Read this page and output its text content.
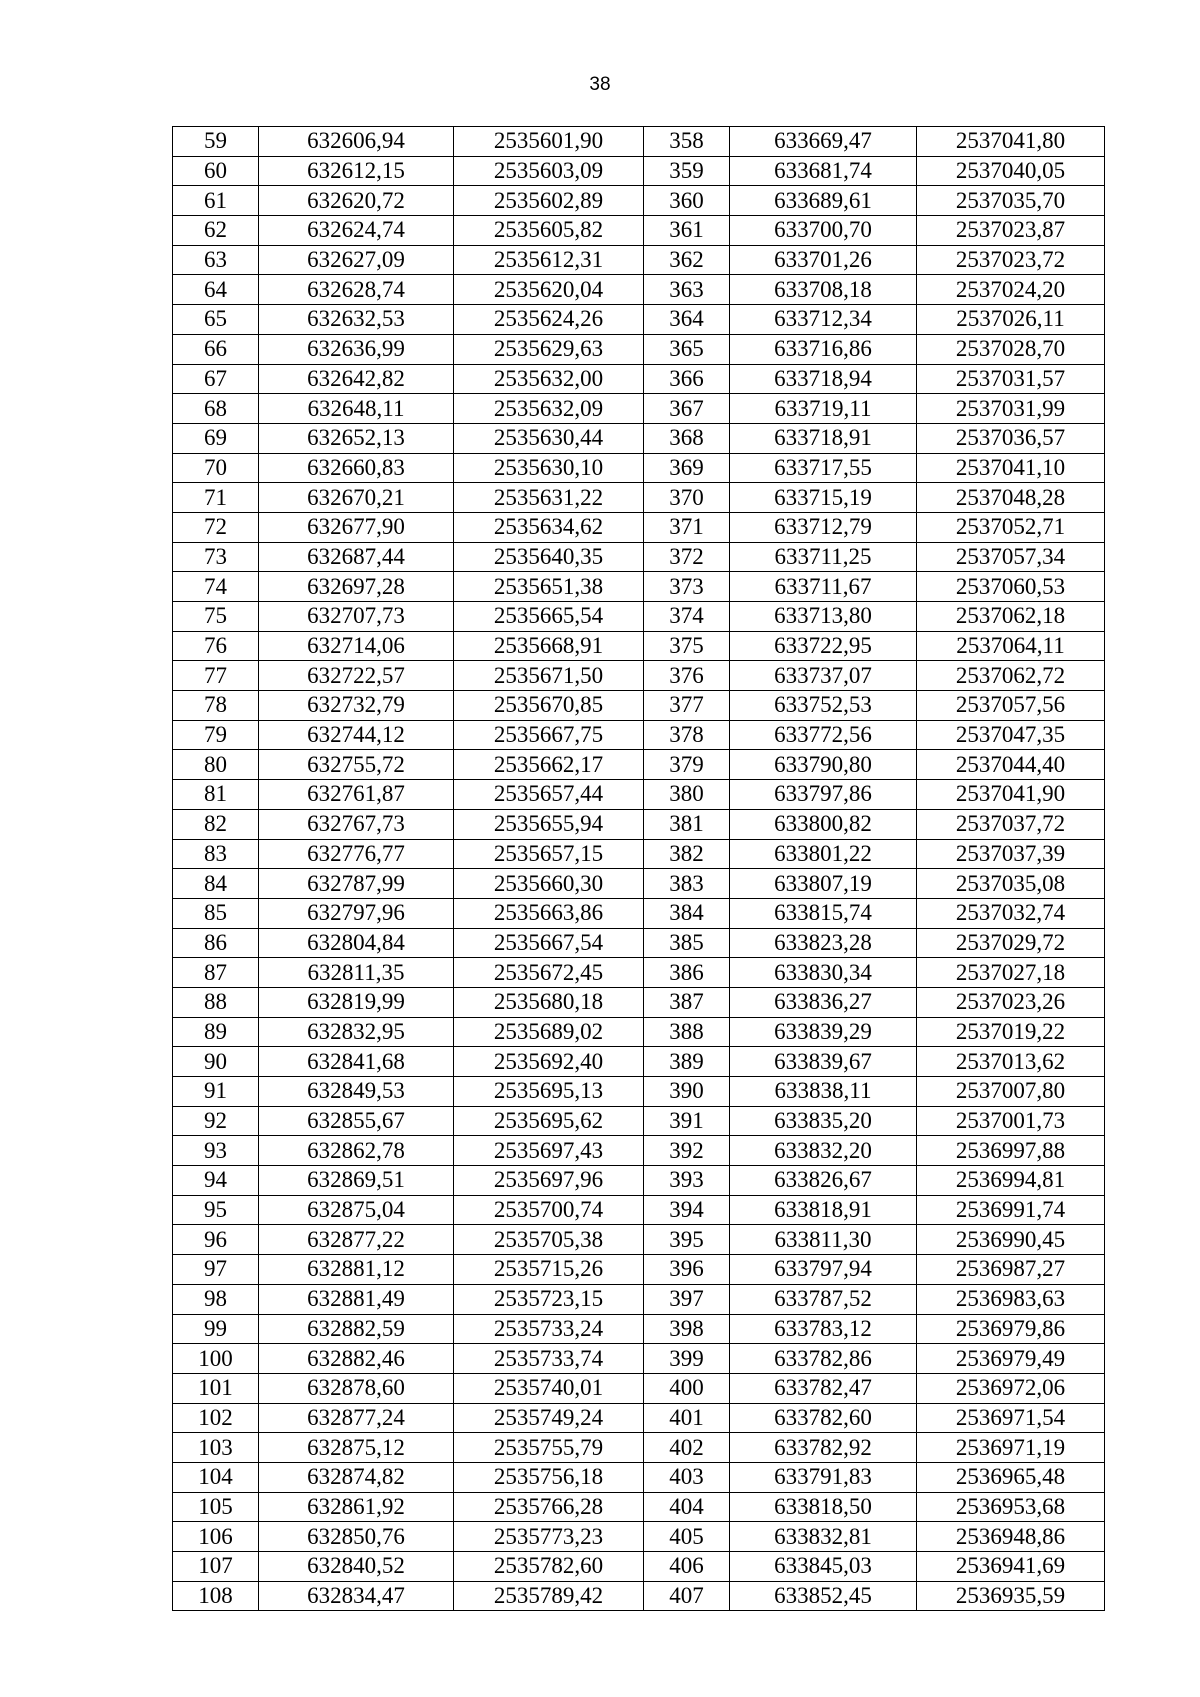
38
59	632606,94	2535601,90	358	633669,47	2537041,80
60	632612,15	2535603,09	359	633681,74	2537040,05
61	632620,72	2535602,89	360	633689,61	2537035,70
62	632624,74	2535605,82	361	633700,70	2537023,87
63	632627,09	2535612,31	362	633701,26	2537023,72
64	632628,74	2535620,04	363	633708,18	2537024,20
65	632632,53	2535624,26	364	633712,34	2537026,11
66	632636,99	2535629,63	365	633716,86	2537028,70
67	632642,82	2535632,00	366	633718,94	2537031,57
68	632648,11	2535632,09	367	633719,11	2537031,99
69	632652,13	2535630,44	368	633718,91	2537036,57
70	632660,83	2535630,10	369	633717,55	2537041,10
71	632670,21	2535631,22	370	633715,19	2537048,28
72	632677,90	2535634,62	371	633712,79	2537052,71
73	632687,44	2535640,35	372	633711,25	2537057,34
74	632697,28	2535651,38	373	633711,67	2537060,53
75	632707,73	2535665,54	374	633713,80	2537062,18
76	632714,06	2535668,91	375	633722,95	2537064,11
77	632722,57	2535671,50	376	633737,07	2537062,72
78	632732,79	2535670,85	377	633752,53	2537057,56
79	632744,12	2535667,75	378	633772,56	2537047,35
80	632755,72	2535662,17	379	633790,80	2537044,40
81	632761,87	2535657,44	380	633797,86	2537041,90
82	632767,73	2535655,94	381	633800,82	2537037,72
83	632776,77	2535657,15	382	633801,22	2537037,39
84	632787,99	2535660,30	383	633807,19	2537035,08
85	632797,96	2535663,86	384	633815,74	2537032,74
86	632804,84	2535667,54	385	633823,28	2537029,72
87	632811,35	2535672,45	386	633830,34	2537027,18
88	632819,99	2535680,18	387	633836,27	2537023,26
89	632832,95	2535689,02	388	633839,29	2537019,22
90	632841,68	2535692,40	389	633839,67	2537013,62
91	632849,53	2535695,13	390	633838,11	2537007,80
92	632855,67	2535695,62	391	633835,20	2537001,73
93	632862,78	2535697,43	392	633832,20	2536997,88
94	632869,51	2535697,96	393	633826,67	2536994,81
95	632875,04	2535700,74	394	633818,91	2536991,74
96	632877,22	2535705,38	395	633811,30	2536990,45
97	632881,12	2535715,26	396	633797,94	2536987,27
98	632881,49	2535723,15	397	633787,52	2536983,63
99	632882,59	2535733,24	398	633783,12	2536979,86
100	632882,46	2535733,74	399	633782,86	2536979,49
101	632878,60	2535740,01	400	633782,47	2536972,06
102	632877,24	2535749,24	401	633782,60	2536971,54
103	632875,12	2535755,79	402	633782,92	2536971,19
104	632874,82	2535756,18	403	633791,83	2536965,48
105	632861,92	2535766,28	404	633818,50	2536953,68
106	632850,76	2535773,23	405	633832,81	2536948,86
107	632840,52	2535782,60	406	633845,03	2536941,69
108	632834,47	2535789,42	407	633852,45	2536935,59
